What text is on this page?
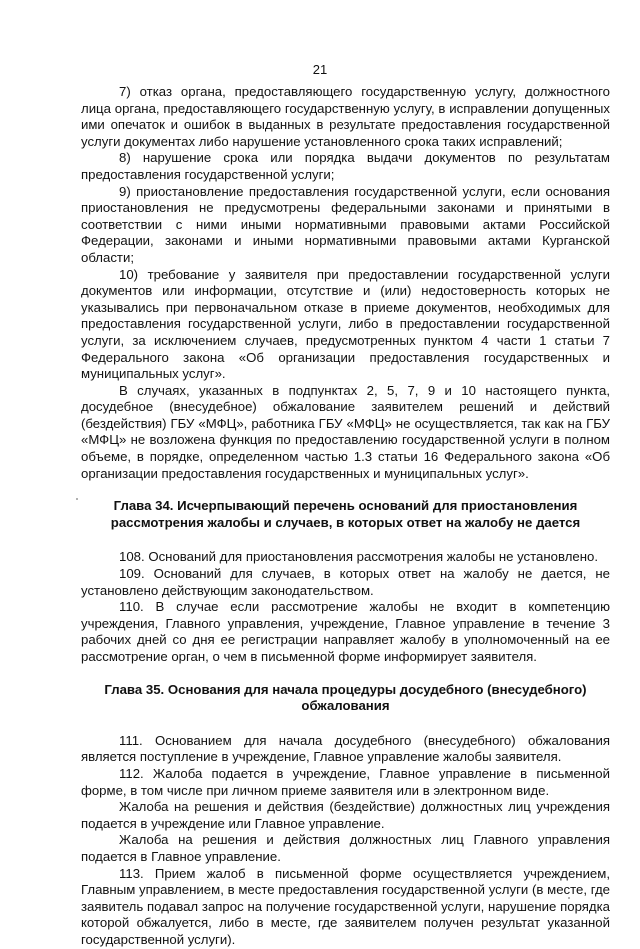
21

7) отказ органа, предоставляющего государственную услугу, должностного лица органа, предоставляющего государственную услугу, в исправлении допущенных ими опечаток и ошибок в выданных в результате предоставления государственной услуги документах либо нарушение установленного срока таких исправлений;

8) нарушение срока или порядка выдачи документов по результатам предоставления государственной услуги;

9) приостановление предоставления государственной услуги, если основания приостановления не предусмотрены федеральными законами и принятыми в соответствии с ними иными нормативными правовыми актами Российской Федерации, законами и иными нормативными правовыми актами Курганской области;

10) требование у заявителя при предоставлении государственной услуги документов или информации, отсутствие и (или) недостоверность которых не указывались при первоначальном отказе в приеме документов, необходимых для предоставления государственной услуги, либо в предоставлении государственной услуги, за исключением случаев, предусмотренных пунктом 4 части 1 статьи 7 Федерального закона «Об организации предоставления государственных и муниципальных услуг».

В случаях, указанных в подпунктах 2, 5, 7, 9 и 10 настоящего пункта, досудебное (внесудебное) обжалование заявителем решений и действий (бездействия) ГБУ «МФЦ», работника ГБУ «МФЦ» не осуществляется, так как на ГБУ «МФЦ» не возложена функция по предоставлению государственной услуги в полном объеме, в порядке, определенном частью 1.3 статьи 16 Федерального закона «Об организации предоставления государственных и муниципальных услуг».

Глава 34. Исчерпывающий перечень оснований для приостановления рассмотрения жалобы и случаев, в которых ответ на жалобу не дается

108. Оснований для приостановления рассмотрения жалобы не установлено.

109. Оснований для случаев, в которых ответ на жалобу не дается, не установлено действующим законодательством.

110. В случае если рассмотрение жалобы не входит в компетенцию учреждения, Главного управления, учреждение, Главное управление в течение 3 рабочих дней со дня ее регистрации направляет жалобу в уполномоченный на ее рассмотрение орган, о чем в письменной форме информирует заявителя.

Глава 35. Основания для начала процедуры досудебного (внесудебного) обжалования

111. Основанием для начала досудебного (внесудебного) обжалования является поступление в учреждение, Главное управление жалобы заявителя.

112. Жалоба подается в учреждение, Главное управление в письменной форме, в том числе при личном приеме заявителя или в электронном виде.

Жалоба на решения и действия (бездействие) должностных лиц учреждения подается в учреждение или Главное управление.

Жалоба на решения и действия должностных лиц Главного управления подается в Главное управление.

113. Прием жалоб в письменной форме осуществляется учреждением, Главным управлением, в месте предоставления государственной услуги (в месте, где заявитель подавал запрос на получение государственной услуги, нарушение порядка которой обжалуется, либо в месте, где заявителем получен результат указанной государственной услуги).
